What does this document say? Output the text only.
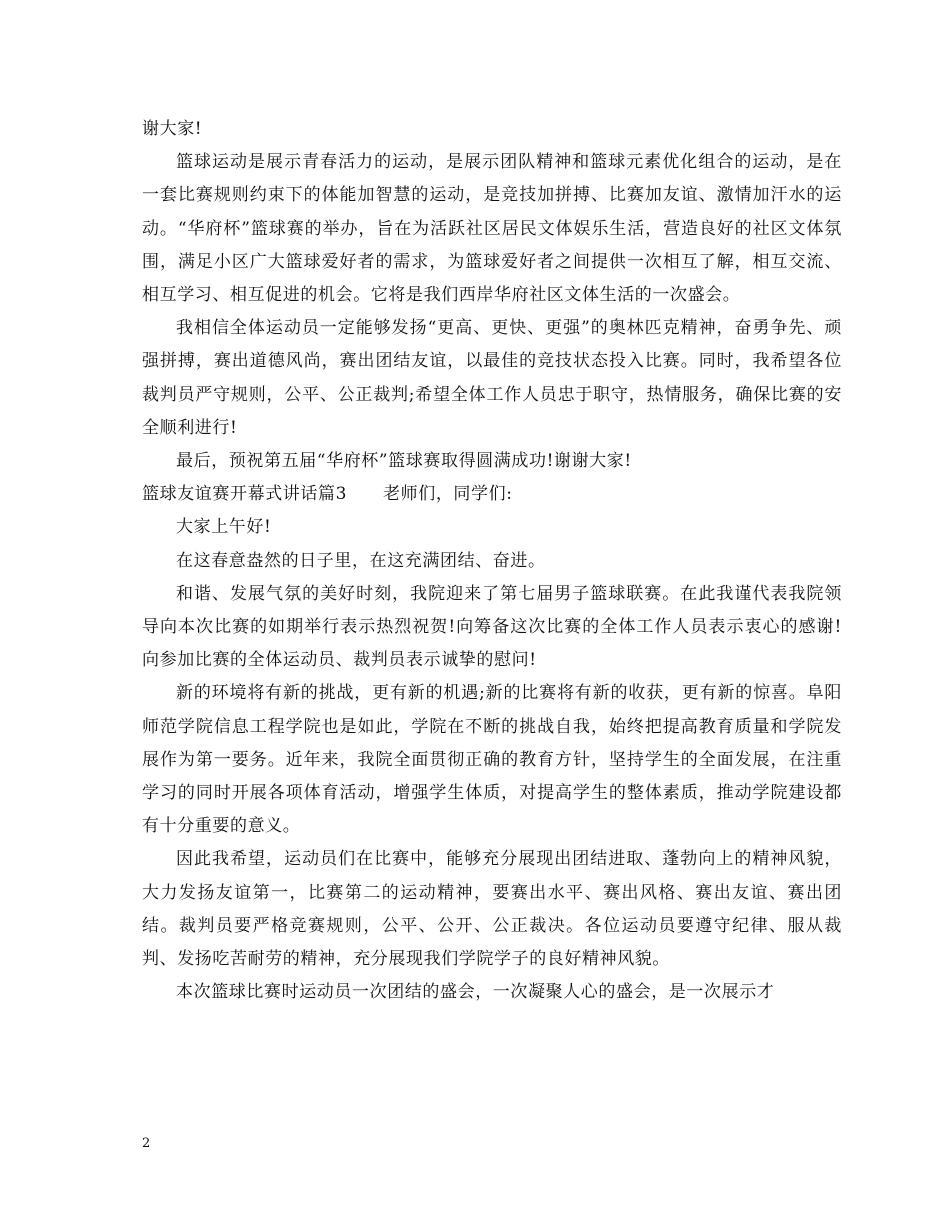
谢大家!

篮球运动是展示青春活力的运动，是展示团队精神和篮球元素优化组合的运动，是在一套比赛规则约束下的体能加智慧的运动，是竞技加拼搏、比赛加友谊、激情加汗水的运动。“华府杯”篮球赛的举办，旨在为活跃社区居民文体娱乐生活，营造良好的社区文体氛围，满足小区广大篮球爱好者的需求，为篮球爱好者之间提供一次相互了解，相互交流、相互学习、相互促进的机会。它将是我们西岸华府社区文体生活的一次盛会。

我相信全体运动员一定能够发扬“更高、更快、更强”的奥林匹克精神，奋勇争先、顽强拼搏，赛出道德风尚，赛出团结友谊，以最佳的竞技状态投入比赛。同时，我希望各位裁判员严守规则，公平、公正裁判;希望全体工作人员忠于职守，热情服务，确保比赛的安全顺利进行!

最后，预祝第五届“华府杯”篮球赛取得圆满成功!谢谢大家!

篮球友谊赛开幕式讲话篇3 老师们，同学们:

大家上午好!

在这春意盎然的日子里，在这充满团结、奋进。

和谐、发展气氛的美好时刻，我院迎来了第七届男子篮球联赛。在此我谨代表我院领导向本次比赛的如期举行表示热烈祝贺!向筹备这次比赛的全体工作人员表示衷心的感谢!向参加比赛的全体运动员、裁判员表示诚挚的慰问!

新的环境将有新的挑战，更有新的机遇;新的比赛将有新的收获，更有新的惊喜。阜阳师范学院信息工程学院也是如此，学院在不断的挑战自我，始终把提高教育质量和学院发展作为第一要务。近年来，我院全面贯彻正确的教育方针，坚持学生的全面发展，在注重学习的同时开展各项体育活动，增强学生体质，对提高学生的整体素质，推动学院建设都有十分重要的意义。

因此我希望，运动员们在比赛中，能够充分展现出团结进取、蓬勃向上的精神风貌，大力发扬友谊第一，比赛第二的运动精神，要赛出水平、赛出风格、赛出友谊、赛出团结。裁判员要严格竞赛规则，公平、公开、公正裁决。各位运动员要遵守纪律、服从裁判、发扬吃苦耐劳的精神，充分展现我们学院学子的良好精神风貌。

本次篮球比赛时运动员一次团结的盛会，一次凝聚人心的盛会，是一次展示才

2
